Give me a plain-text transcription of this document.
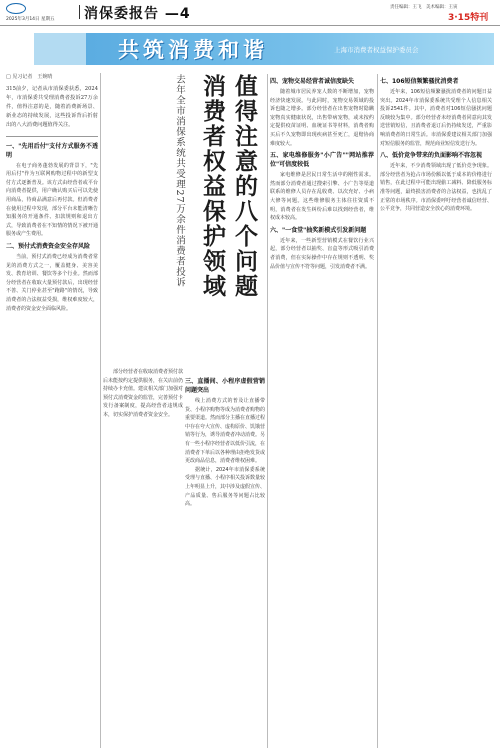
2025年3月14日 星期五 消保委报告 —4	责任编辑：王飞　美术编辑：王寅
3·15特刊
共筑消费和谐	上海市消费者权益保护委员会
□ 见习记者　王婉晴
315前夕，记者从市消保委获悉，2024年，市消保委共受理消费者投诉27万余件，值得注意的是，随着消费新场景、新业态的持续发展，这些投诉背后折射出的八大消费问题值得关注。
一、"先用后付"支付方式服务不透明

在电子商务蓬勃发展的背景下，"先用后付"作为互联网购物过程中的新型支付方式逐渐普及。该方式由经营者或平台向消费者提供，用户确认购买后可以先使用商品，待商品满意后再付款。但消费者在使用过程中发现，部分平台未能清晰告知服务的开通条件、扣款规则和退出方式，导致消费者在不知情的情况下被开通服务或产生费用。

二、预付式消费资金安全存风险

当前，预付式消费已经成为消费者常见的消费方式之一，覆盖健身、美容美发、教育培训、餐饮等多个行业。然而部分经营者在收取大量预付款后，出现经营不善、关门停业甚至"跑路"的情况，导致消费者的合法权益受损，维权难度较大，消费者的资金安全面临风险。

值得注意的八个问题
消费者权益保护领域
去年全市消保系统共受理27万余件消费者投诉

部分经营者在收取消费者预付款后未能按约定提供服务，在关店前仍持续办卡充值。建议相关部门加强对预付式消费资金的监管，完善预付卡发行备案制度，提高经营者违规成本，切实保护消费者资金安全。

三、直播间、小程序虚假营销问题突出

线上消费方式的普及让直播带货、小程序购物等成为消费者购物的重要渠道。然而部分主播在直播过程中存在夸大宣传、虚构原价、饥饿营销等行为，诱导消费者冲动消费。另有一些小程序经营者以低价引流，在消费者下单后以各种理由拒绝发货或更改商品信息，消费者维权困难。

据统计，2024年市消保委系统受理与直播、小程序相关投诉数量较上年明显上升，其中涉及虚假宣传、产品质量、售后服务等问题占比较高。

四、宠物交易经营者诚信度缺失

随着城市居民养宠人数的不断增加，宠物经济快速发展。与此同时，宠物交易领域的投诉也随之增多。部分经营者在出售宠物时隐瞒宠物真实健康状况，出售带病宠物，或未按约定提供疫苗证明、血统证书等材料，消费者购买后不久宠物即出现疾病甚至死亡，退赔协商难度较大。

五、家电维修服务"小广告""网站推荐位"可信度较低

家电维修是居民日常生活中的刚性需求。然而部分消费者通过搜索引擎、小广告等渠道联系的维修人员存在乱收费、以次充好、小病大修等问题。这些维修服务主体往往资质不明，消费者在发生纠纷后难以找到经营者，维权成本较高。

六、"一食堂"抽奖新模式引发新问题

近年来，一些新型营销模式在餐饮行业兴起，部分经营者以抽奖、盲盒等形式吸引消费者消费，但在实际操作中存在规则不透明、奖品价值与宣传不符等问题，引发消费者不满。

七、106短信频繁骚扰消费者

近年来，106短信频繁骚扰消费者的问题日益突出。2024年市消保委系统共受理个人信息相关投诉2541件。其中，消费者对106短信骚扰问题反映较为集中。部分经营者未经消费者同意向其发送营销短信，且消费者退订后仍持续发送，严重影响消费者的日常生活。市消保委建议相关部门加强对短信服务的监管，规范商业短信发送行为。

八、低价竞争带来的负面影响不容忽视

近年来，不少消费领域出现了低价竞争现象。部分经营者为抢占市场份额以低于成本的价格进行销售，在此过程中可能出现偷工减料、降低服务标准等问题，最终损害消费者的合法权益，也扰乱了正常的市场秩序。市消保委呼吁经营者诚信经营、公平竞争，共同营造安全放心的消费环境。
